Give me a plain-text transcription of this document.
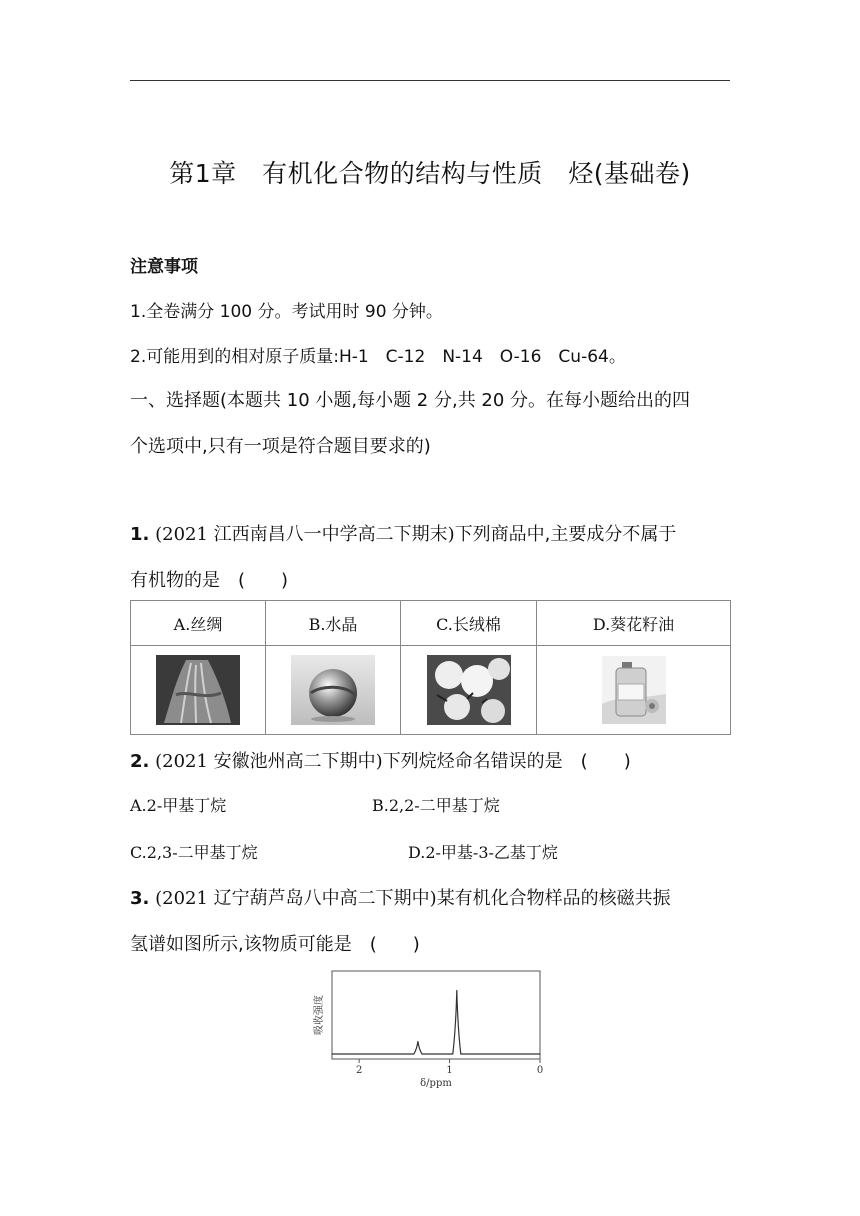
第1章　有机化合物的结构与性质　烃(基础卷)
注意事项
1.全卷满分 100 分。考试用时 90 分钟。
2.可能用到的相对原子质量:H-1　C-12　N-14　O-16　Cu-64。
一、选择题(本题共 10 小题,每小题 2 分,共 20 分。在每小题给出的四
个选项中,只有一项是符合题目要求的)
1. (2021 江西南昌八一中学高二下期末)下列商品中,主要成分不属于
有机物的是　(　　)
A.丝绸	B.水晶	C.长绒棉	D.葵花籽油

2. (2021 安徽池州高二下期中)下列烷烃命名错误的是　(　　)
A.2-甲基丁烷	B.2,2-二甲基丁烷
C.2,3-二甲基丁烷	D.2-甲基-3-乙基丁烷
3. (2021 辽宁葫芦岛八中高二下期中)某有机化合物样品的核磁共振
氢谱如图所示,该物质可能是　(　　)
吸收强度
δ/ppm
2	1	0
